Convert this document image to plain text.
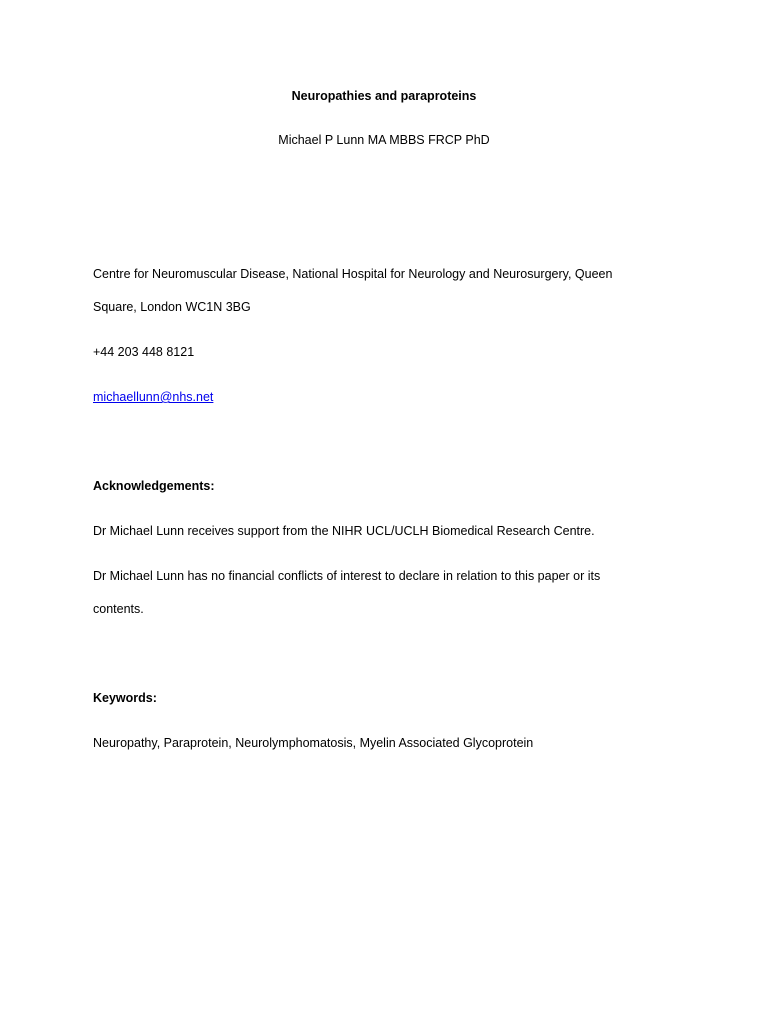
Neuropathies and paraproteins
Michael P Lunn MA MBBS FRCP PhD
Centre for Neuromuscular Disease, National Hospital for Neurology and Neurosurgery, Queen
Square, London WC1N 3BG
+44 203 448 8121
michaellunn@nhs.net
Acknowledgements:
Dr Michael Lunn receives support from the NIHR UCL/UCLH Biomedical Research Centre.
Dr Michael Lunn has no financial conflicts of interest to declare in relation to this paper or its
contents.
Keywords:
Neuropathy, Paraprotein, Neurolymphomatosis, Myelin Associated Glycoprotein
